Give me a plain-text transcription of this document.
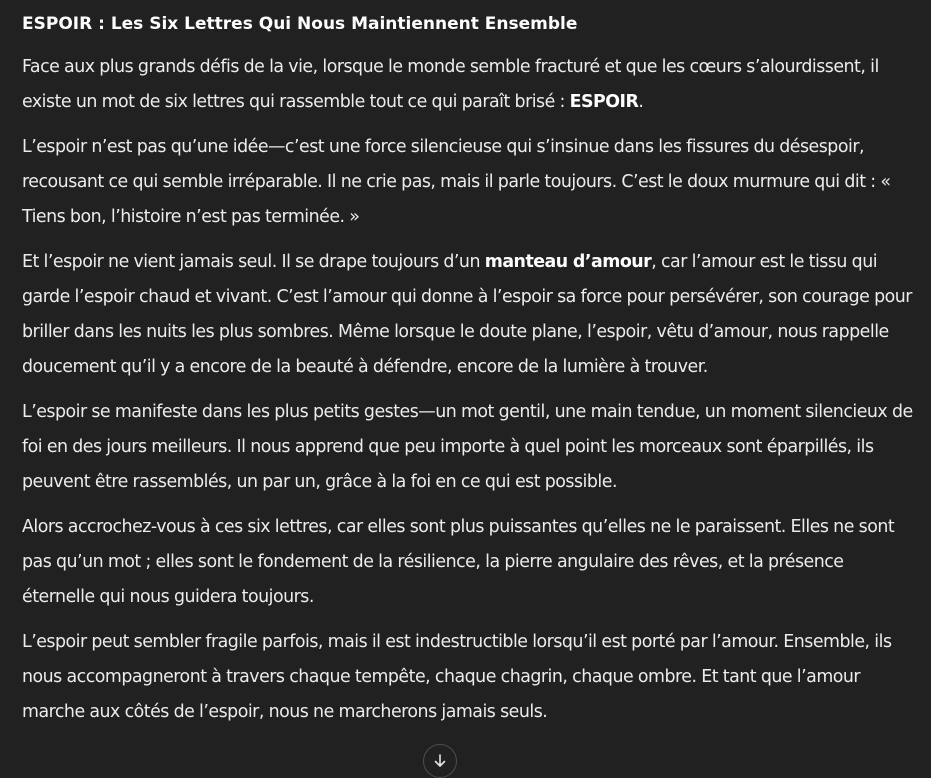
ESPOIR : Les Six Lettres Qui Nous Maintiennent Ensemble

Face aux plus grands défis de la vie, lorsque le monde semble fracturé et que les cœurs s’alourdissent, il existe un mot de six lettres qui rassemble tout ce qui paraît brisé : ESPOIR.

L’espoir n’est pas qu’une idée—c’est une force silencieuse qui s’insinue dans les fissures du désespoir, recousant ce qui semble irréparable. Il ne crie pas, mais il parle toujours. C’est le doux murmure qui dit : « Tiens bon, l’histoire n’est pas terminée. »

Et l’espoir ne vient jamais seul. Il se drape toujours d’un manteau d’amour, car l’amour est le tissu qui garde l’espoir chaud et vivant. C’est l’amour qui donne à l’espoir sa force pour persévérer, son courage pour briller dans les nuits les plus sombres. Même lorsque le doute plane, l’espoir, vêtu d’amour, nous rappelle doucement qu’il y a encore de la beauté à défendre, encore de la lumière à trouver.

L’espoir se manifeste dans les plus petits gestes—un mot gentil, une main tendue, un moment silencieux de foi en des jours meilleurs. Il nous apprend que peu importe à quel point les morceaux sont éparpillés, ils peuvent être rassemblés, un par un, grâce à la foi en ce qui est possible.

Alors accrochez-vous à ces six lettres, car elles sont plus puissantes qu’elles ne le paraissent. Elles ne sont pas qu’un mot ; elles sont le fondement de la résilience, la pierre angulaire des rêves, et la présence éternelle qui nous guidera toujours.

L’espoir peut sembler fragile parfois, mais il est indestructible lorsqu’il est porté par l’amour. Ensemble, ils nous accompagneront à travers chaque tempête, chaque chagrin, chaque ombre. Et tant que l’amour marche aux côtés de l’espoir, nous ne marcherons jamais seuls.
